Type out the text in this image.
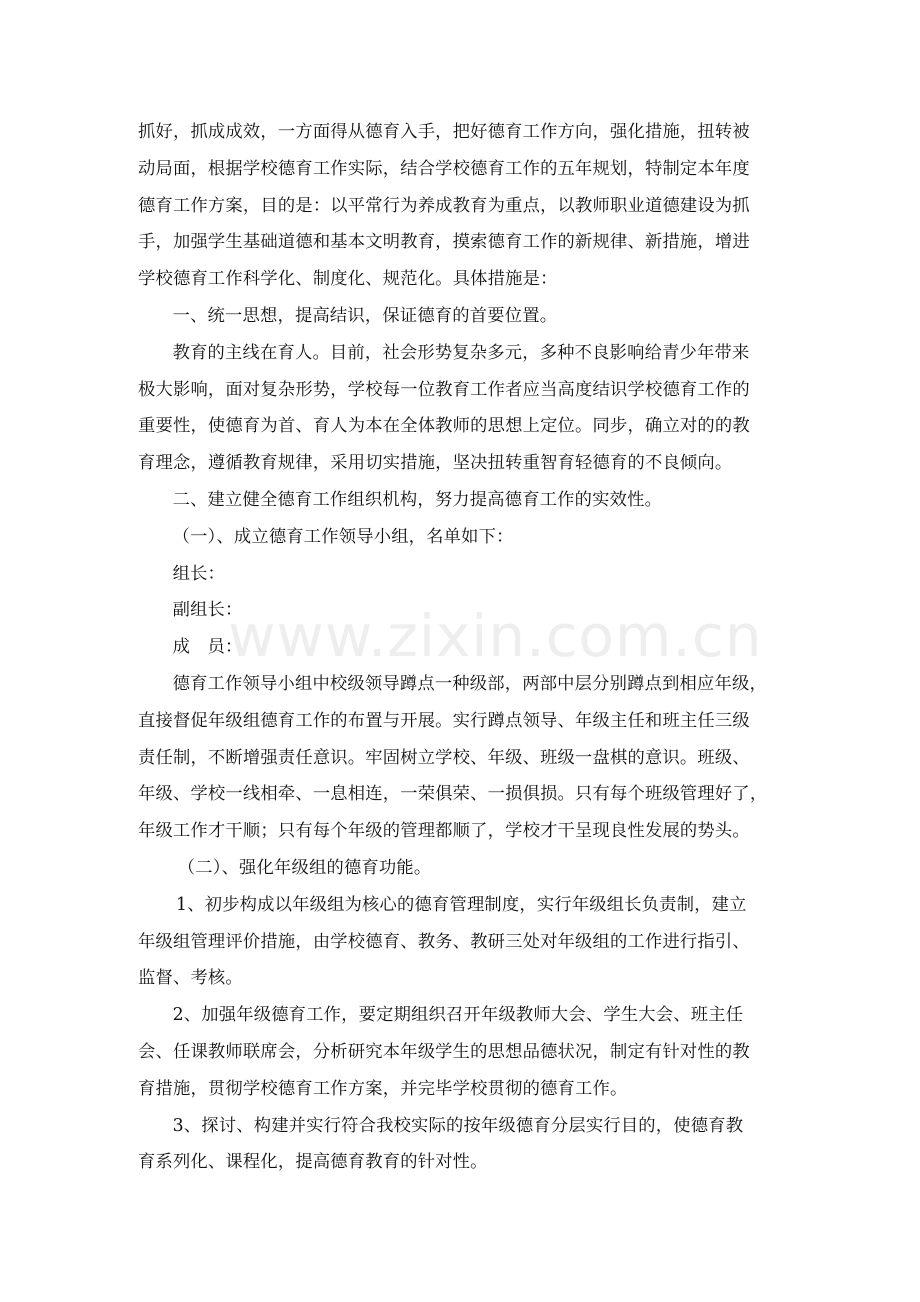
抓好，抓成成效，一方面得从德育入手，把好德育工作方向，强化措施，扭转被
动局面，根据学校德育工作实际，结合学校德育工作的五年规划，特制定本年度
德育工作方案，目的是：以平常行为养成教育为重点，以教师职业道德建设为抓
手，加强学生基础道德和基本文明教育，摸索德育工作的新规律、新措施，增进
学校德育工作科学化、制度化、规范化。具体措施是：
一、统一思想，提高结识，保证德育的首要位置。
教育的主线在育人。目前，社会形势复杂多元，多种不良影响给青少年带来
极大影响，面对复杂形势，学校每一位教育工作者应当高度结识学校德育工作的
重要性，使德育为首、育人为本在全体教师的思想上定位。同步，确立对的的教
育理念，遵循教育规律，采用切实措施，坚决扭转重智育轻德育的不良倾向。
二、建立健全德育工作组织机构，努力提高德育工作的实效性。
（一）、成立德育工作领导小组，名单如下：
组长：
副组长：
成　员：
德育工作领导小组中校级领导蹲点一种级部，两部中层分别蹲点到相应年级，
直接督促年级组德育工作的布置与开展。实行蹲点领导、年级主任和班主任三级
责任制，不断增强责任意识。牢固树立学校、年级、班级一盘棋的意识。班级、
年级、学校一线相牵、一息相连，一荣俱荣、一损俱损。只有每个班级管理好了，
年级工作才干顺；只有每个年级的管理都顺了，学校才干呈现良性发展的势头。
（二）、强化年级组的德育功能。
1、初步构成以年级组为核心的德育管理制度，实行年级组长负责制，建立
年级组管理评价措施，由学校德育、教务、教研三处对年级组的工作进行指引、
监督、考核。
2、加强年级德育工作，要定期组织召开年级教师大会、学生大会、班主任
会、任课教师联席会，分析研究本年级学生的思想品德状况，制定有针对性的教
育措施，贯彻学校德育工作方案，并完毕学校贯彻的德育工作。
3、探讨、构建并实行符合我校实际的按年级德育分层实行目的，使德育教
育系列化、课程化，提高德育教育的针对性。
www.zixin.com.cn
